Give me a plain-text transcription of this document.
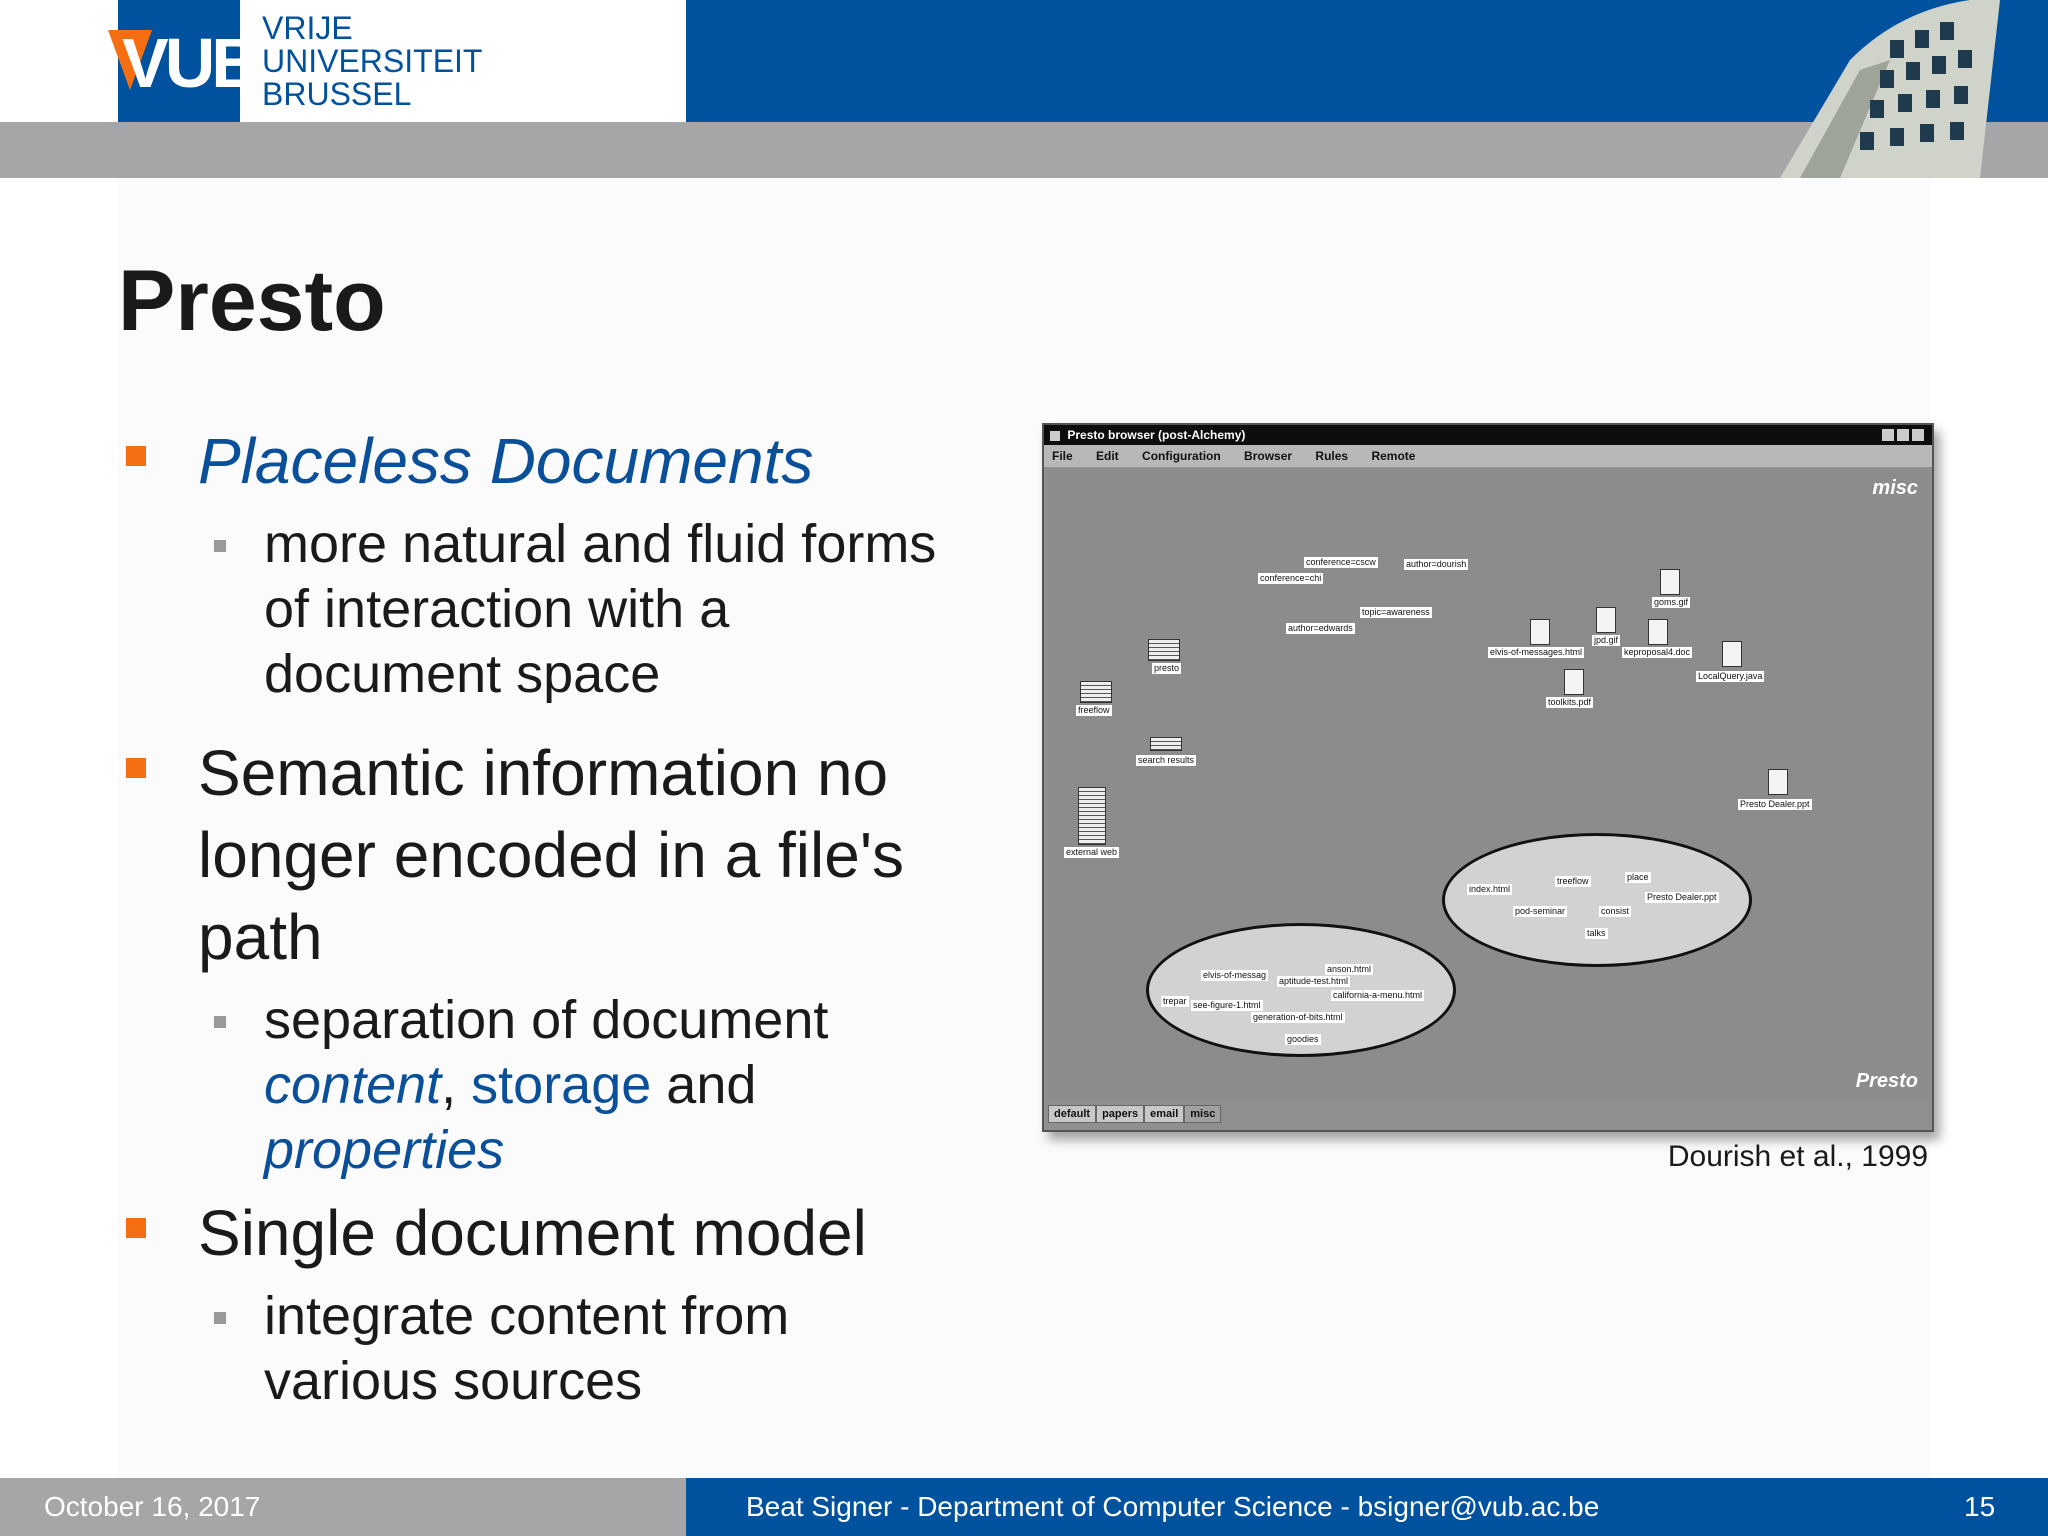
VUB VRIJE
UNIVERSITEIT
BRUSSEL
Presto
Placeless Documents
more natural and fluid forms
of interaction with a
document space
Semantic information no
longer encoded in a file's
path
separation of document
content, storage and
properties
Single document model
integrate content from
various sources
Presto browser (post-Alchemy)
File Edit Configuration Browser Rules Remote
misc
Presto
conference=cscw	author=dourish
conference=chi
topic=awareness
author=edwards
presto
freeflow
search results
external web
goms.gif
jpd.gif
elvis-of-messages.html	keproposal4.doc
LocalQuery.java
toolkits.pdf
Presto Dealer.ppt
index.html
treeflow	place
Presto Dealer.ppt
pod-seminar	consist
talks
elvis-of-messag
aptitude-test.html
anson.html
california-a-menu.html
trepar see-figure-1.html
generation-of-bits.html
goodies
default	papers	email	misc
Dourish et al., 1999
October 16, 2017	Beat Signer - Department of Computer Science - bsigner@vub.ac.be	15
